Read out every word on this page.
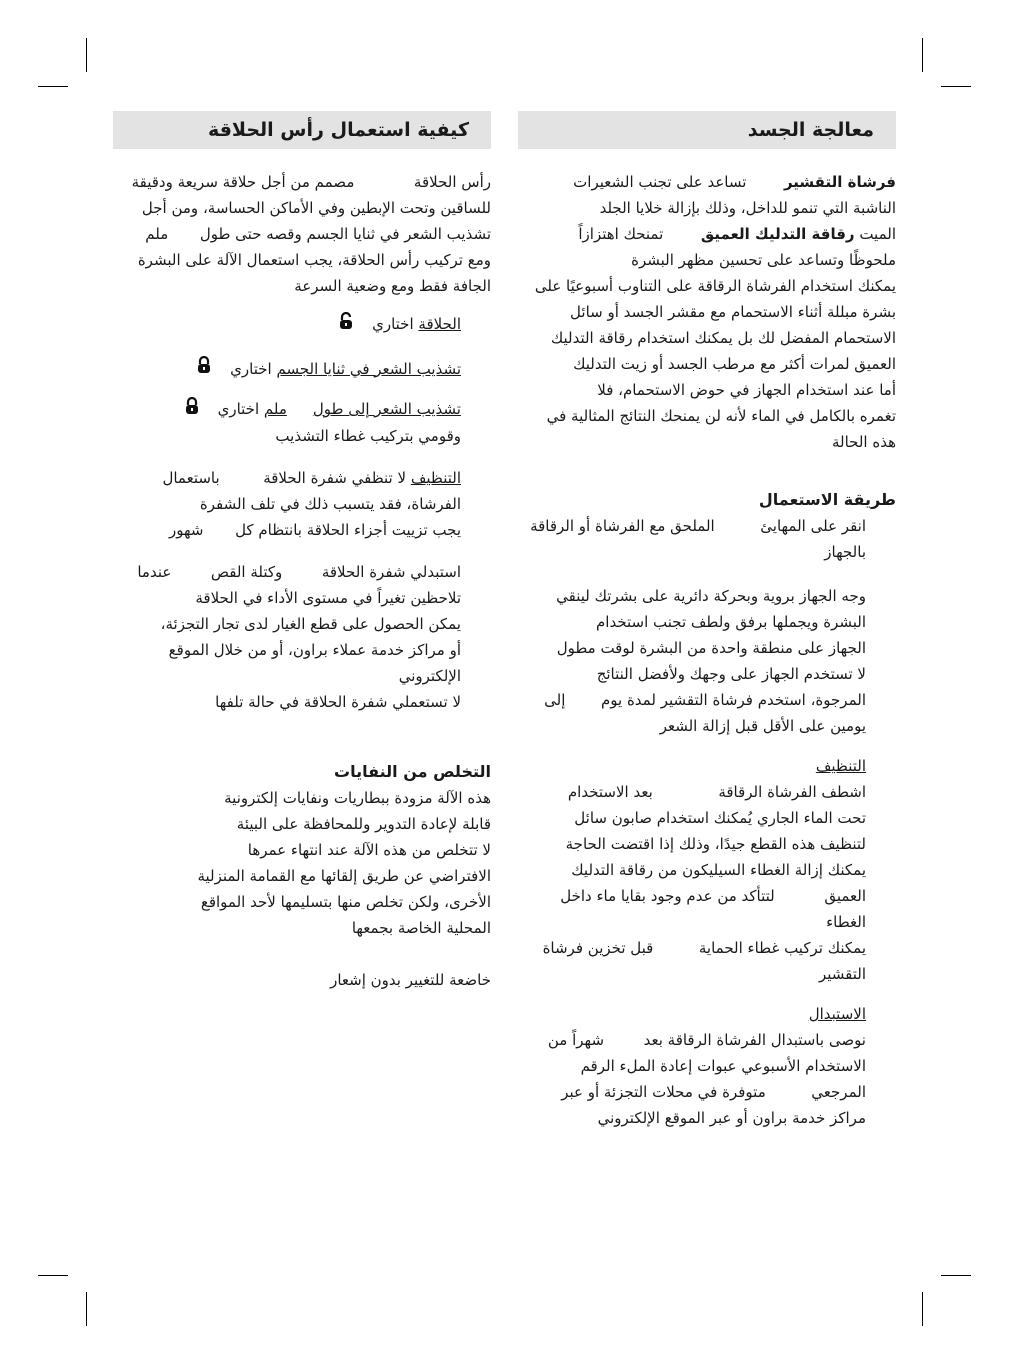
معالجة الجسد

فرشاة التقشير  تساعد على تجنب الشعيرات

الناشبة التي تنمو للداخل، وذلك بإزالة خلايا الجلد

الميت رقاقة التدليك العميق  تمنحك اهتزازاً

ملحوظًا وتساعد على تحسين مظهر البشرة

يمكنك استخدام الفرشاة الرقاقة على التناوب أسبوعيًا على

بشرة مبللة أثناء الاستحمام مع مقشر الجسد أو سائل

الاستحمام المفضل لك بل يمكنك استخدام رقاقة التدليك

العميق لمرات أكثر مع مرطب الجسد أو زيت التدليك

أما عند استخدام الجهاز في حوض الاستحمام، فلا

تغمره بالكامل في الماء لأنه لن يمنحك النتائج المثالية في

هذه الحالة

طريقة الاستعمال

انقر على المهايئ  الملحق مع الفرشاة أو الرقاقة

بالجهاز

وجه الجهاز بروية وبحركة دائرية على بشرتك لينقي

البشرة ويجملها برفق ولطف تجنب استخدام

الجهاز على منطقة واحدة من البشرة لوقت مطول

لا تستخدم الجهاز على وجهك ولأفضل النتائج

المرجوة، استخدم فرشاة التقشير لمدة يوم  إلى

يومين على الأقل قبل إزالة الشعر

التنظيف

اشطف الفرشاة الرقاقة  بعد الاستخدام

تحت الماء الجاري يُمكنك استخدام صابون سائل

لتنظيف هذه القطع جيدًا، وذلك إذا اقتضت الحاجة

يمكنك إزالة الغطاء السيليكون من رقاقة التدليك

العميق  لتتأكد من عدم وجود بقايا ماء داخل

الغطاء

يمكنك تركيب غطاء الحماية  قبل تخزين فرشاة

التقشير

الاستبدال

نوصى باستبدال الفرشاة الرقاقة بعد  شهراً من

الاستخدام الأسبوعي عبوات إعادة الملء الرقم

المرجعي  متوفرة في محلات التجزئة أو عبر

مراكز خدمة براون أو عبر الموقع الإلكتروني

كيفية استعمال رأس الحلاقة

رأس الحلاقة  مصمم من أجل حلاقة سريعة ودقيقة

للساقين وتحت الإبطين وفي الأماكن الحساسة، ومن أجل

تشذيب الشعر في ثنايا الجسم وقصه حتى طول  ملم

ومع تركيب رأس الحلاقة، يجب استعمال الآلة على البشرة

الجافة فقط ومع وضعية السرعة

الحلاقة اختاري
تشذيب الشعر في ثنايا الجسم اختاري
تشذيب الشعر إلى طولملم اختاري

وقومي بتركيب غطاء التشذيب

التنظيف لا تنظفي شفرة الحلاقة  باستعمال

الفرشاة، فقد يتسبب ذلك في تلف الشفرة

يجب تزييت أجزاء الحلاقة بانتظام كل  شهور

استبدلي شفرة الحلاقة  وكتلة القص  عندما

تلاحظين تغيراً في مستوى الأداء في الحلاقة

يمكن الحصول على قطع الغيار لدى تجار التجزئة،

أو مراكز خدمة عملاء براون، أو من خلال الموقع

الإلكتروني

لا تستعملي شفرة الحلاقة في حالة تلفها

التخلص من النفايات

هذه الآلة مزودة ببطاريات ونفايات إلكترونية

قابلة لإعادة التدوير وللمحافظة على البيئة

لا تتخلص من هذه الآلة عند انتهاء عمرها

الافتراضي عن طريق إلقائها مع القمامة المنزلية

الأخرى، ولكن تخلص منها بتسليمها لأحد المواقع

المحلية الخاصة بجمعها

خاضعة للتغيير بدون إشعار
